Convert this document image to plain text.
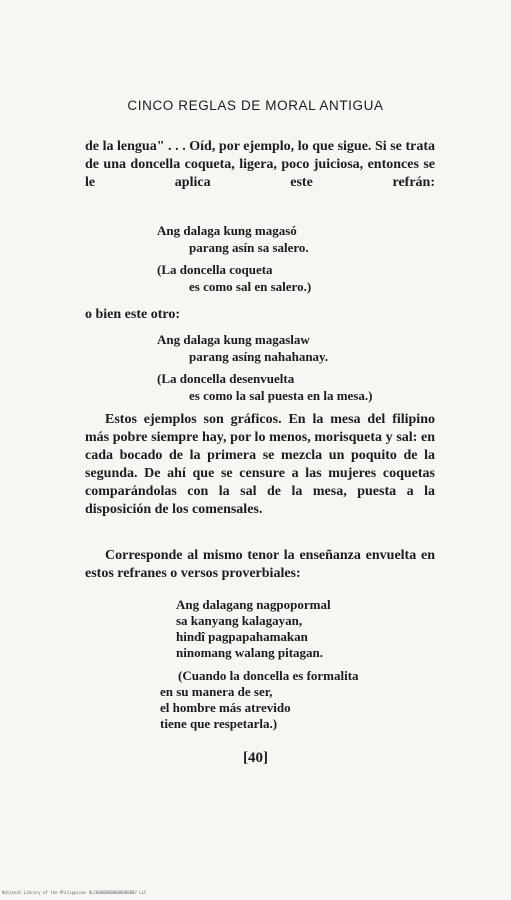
CINCO REGLAS DE MORAL ANTIGUA
de la lengua" . . . Oíd, por ejemplo, lo que sigue. Si se trata de una doncella coqueta, ligera, poco juiciosa, entonces se le aplica este refrán:
Ang dalaga kung magasó
parang asín sa salero.
(La doncella coqueta
es como sal en salero.)
o bien este otro:
Ang dalaga kung magaslaw
parang asíng nahahanay.
(La doncella desenvuelta
es como la sal puesta en la mesa.)
Estos ejemplos son gráficos. En la mesa del filipino más pobre siempre hay, por lo menos, morisqueta y sal: en cada bocado de la primera se mezcla un poquito de la segunda. De ahí que se censure a las mujeres coquetas comparándolas con la sal de la mesa, puesta a la disposición de los comensales.
Corresponde al mismo tenor la enseñanza envuelta en estos refranes o versos proverbiales:
Ang dalagang nagpopormal
sa kanyang kalagayan,
hindî pagpapahamakan
ninomang walang pitagan.
(Cuando la doncella es formalita
en su manera de ser,
el hombre más atrevido
tiene que respetarla.)
[40]
National Library of the Philippines ULC00000000000000007 LLC
